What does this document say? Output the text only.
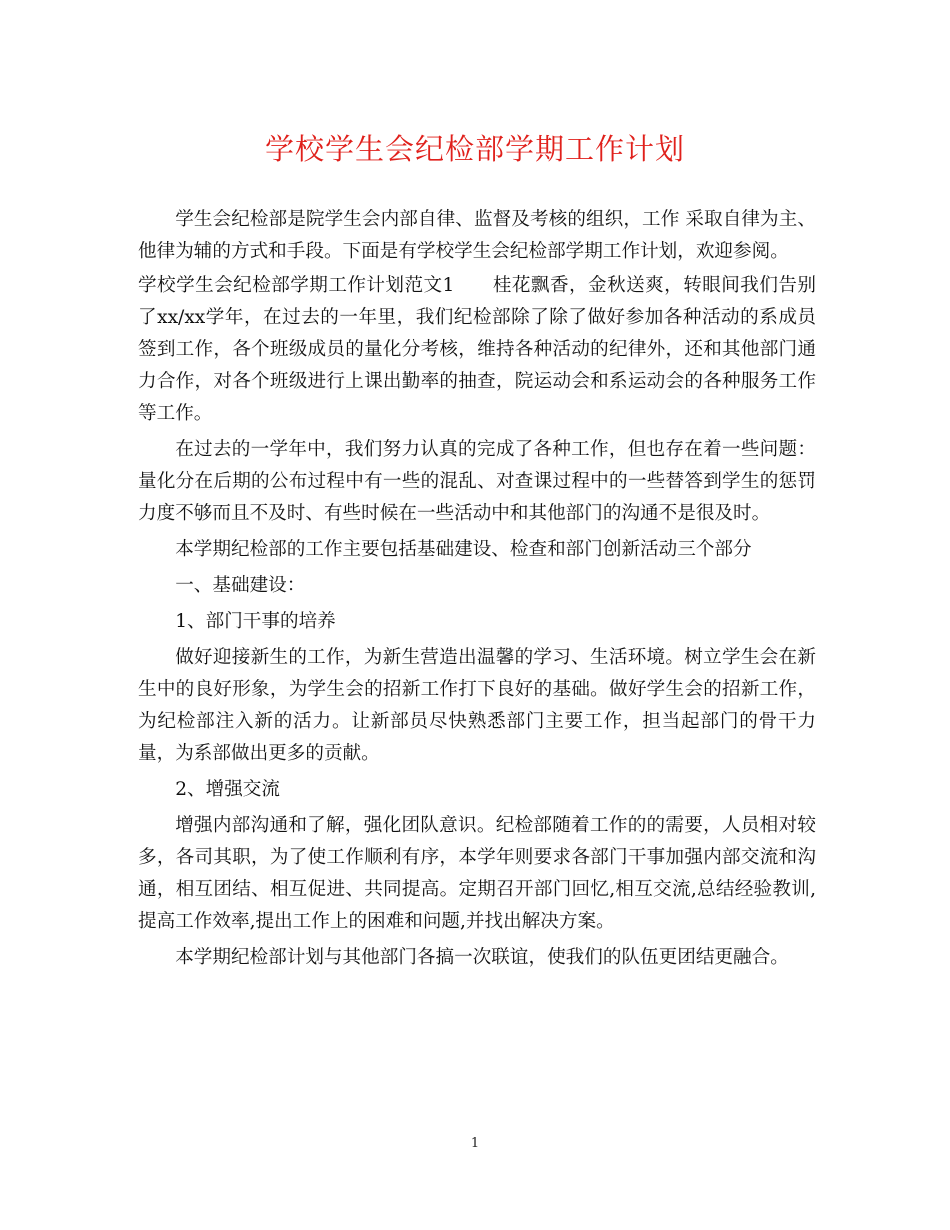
学校学生会纪检部学期工作计划

学生会纪检部是院学生会内部自律、监督及考核的组织，工作 采取自律为主、他律为辅的方式和手段。下面是有学校学生会纪检部学期工作计划，欢迎参阅。

学校学生会纪检部学期工作计划范文1　　桂花飘香，金秋送爽，转眼间我们告别了xx/xx学年，在过去的一年里，我们纪检部除了除了做好参加各种活动的系成员签到工作，各个班级成员的量化分考核，维持各种活动的纪律外，还和其他部门通力合作，对各个班级进行上课出勤率的抽查，院运动会和系运动会的各种服务工作等工作。

在过去的一学年中，我们努力认真的完成了各种工作，但也存在着一些问题：量化分在后期的公布过程中有一些的混乱、对查课过程中的一些替答到学生的惩罚力度不够而且不及时、有些时候在一些活动中和其他部门的沟通不是很及时。

本学期纪检部的工作主要包括基础建设、检查和部门创新活动三个部分

一、基础建设：

1、部门干事的培养

做好迎接新生的工作，为新生营造出温馨的学习、生活环境。树立学生会在新生中的良好形象，为学生会的招新工作打下良好的基础。做好学生会的招新工作，为纪检部注入新的活力。让新部员尽快熟悉部门主要工作，担当起部门的骨干力量，为系部做出更多的贡献。

2、增强交流

增强内部沟通和了解，强化团队意识。纪检部随着工作的的需要，人员相对较多，各司其职，为了使工作顺利有序，本学年则要求各部门干事加强内部交流和沟通，相互团结、相互促进、共同提高。定期召开部门回忆,相互交流,总结经验教训,提高工作效率,提出工作上的困难和问题,并找出解决方案。

本学期纪检部计划与其他部门各搞一次联谊，使我们的队伍更团结更融合。

1
